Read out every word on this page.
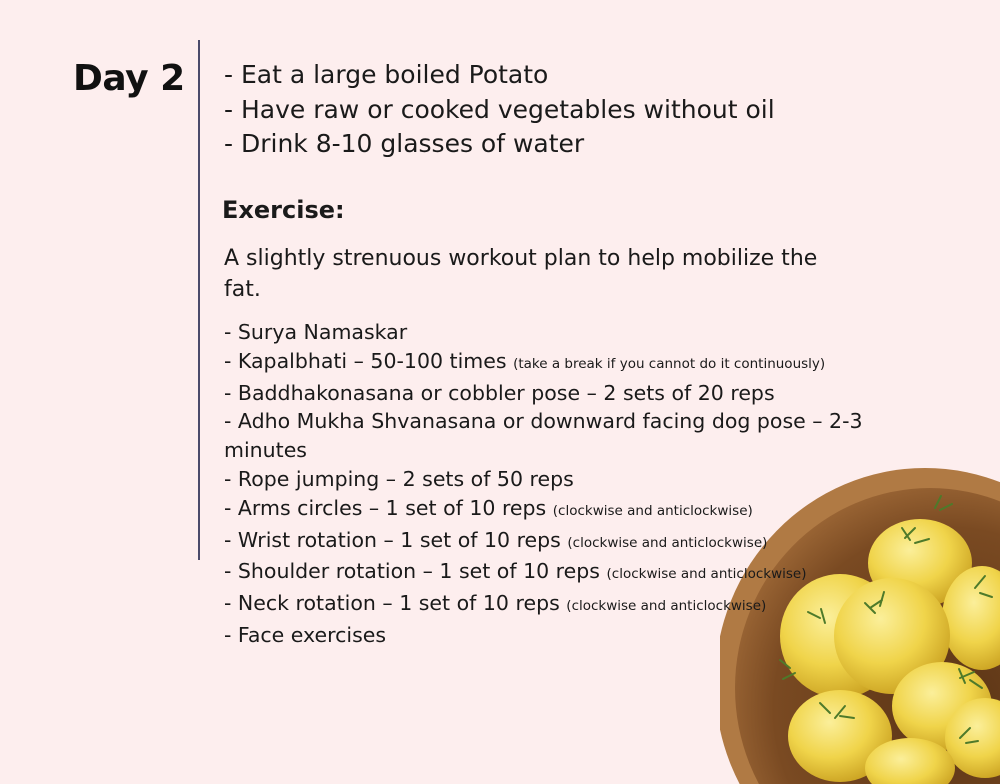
Day 2 - Eat a large boiled Potato
- Have raw or cooked vegetables without oil
- Drink 8-10 glasses of water
Exercise:

A slightly strenuous workout plan to help mobilize the fat.

- Surya Namaskar
- Kapalbhati – 50-100 times (take a break if you cannot do it continuously)
- Baddhakonasana or cobbler pose – 2 sets of 20 reps
- Adho Mukha Shvanasana or downward facing dog pose – 2-3 minutes
- Rope jumping – 2 sets of 50 reps
- Arms circles – 1 set of 10 reps (clockwise and anticlockwise)
- Wrist rotation – 1 set of 10 reps (clockwise and anticlockwise)
- Shoulder rotation – 1 set of 10 reps (clockwise and anticlockwise)
- Neck rotation – 1 set of 10 reps (clockwise and anticlockwise)
- Face exercises
